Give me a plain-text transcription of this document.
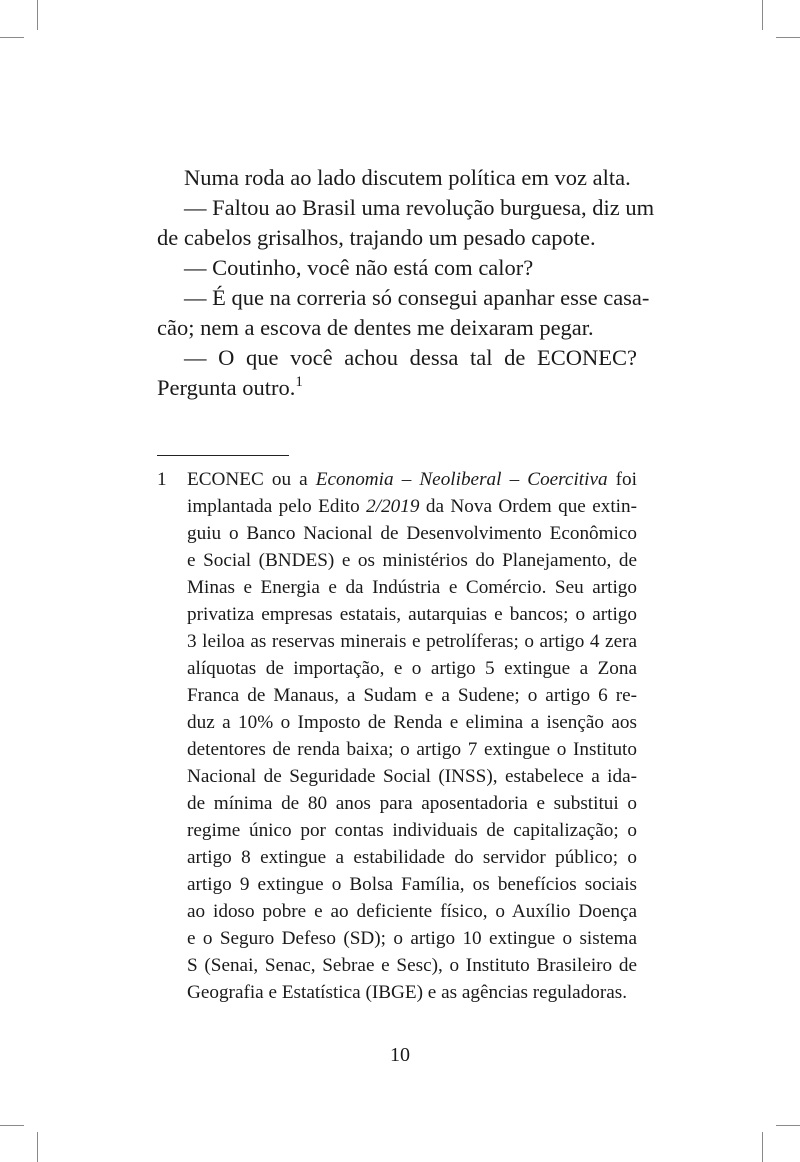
Numa roda ao lado discutem política em voz alta.
— Faltou ao Brasil uma revolução burguesa, diz um
de cabelos grisalhos, trajando um pesado capote.
— Coutinho, você não está com calor?
— É que na correria só consegui apanhar esse casa-
cão; nem a escova de dentes me deixaram pegar.
— O que você achou dessa tal de ECONEC?
Pergunta outro.$^1$
1 ECONEC ou a Economia – Neoliberal – Coercitiva foi
implantada pelo Edito 2/2019 da Nova Ordem que extin-
guiu o Banco Nacional de Desenvolvimento Econômico
e Social (BNDES) e os ministérios do Planejamento, de
Minas e Energia e da Indústria e Comércio. Seu artigo
privatiza empresas estatais, autarquias e bancos; o artigo
3 leiloa as reservas minerais e petrolíferas; o artigo 4 zera
alíquotas de importação, e o artigo 5 extingue a Zona
Franca de Manaus, a Sudam e a Sudene; o artigo 6 re-
duz a 10% o Imposto de Renda e elimina a isenção aos
detentores de renda baixa; o artigo 7 extingue o Instituto
Nacional de Seguridade Social (INSS), estabelece a ida-
de mínima de 80 anos para aposentadoria e substitui o
regime único por contas individuais de capitalização; o
artigo 8 extingue a estabilidade do servidor público; o
artigo 9 extingue o Bolsa Família, os benefícios sociais
ao idoso pobre e ao deficiente físico, o Auxílio Doença
e o Seguro Defeso (SD); o artigo 10 extingue o sistema
S (Senai, Senac, Sebrae e Sesc), o Instituto Brasileiro de
Geografia e Estatística (IBGE) e as agências reguladoras.
10
